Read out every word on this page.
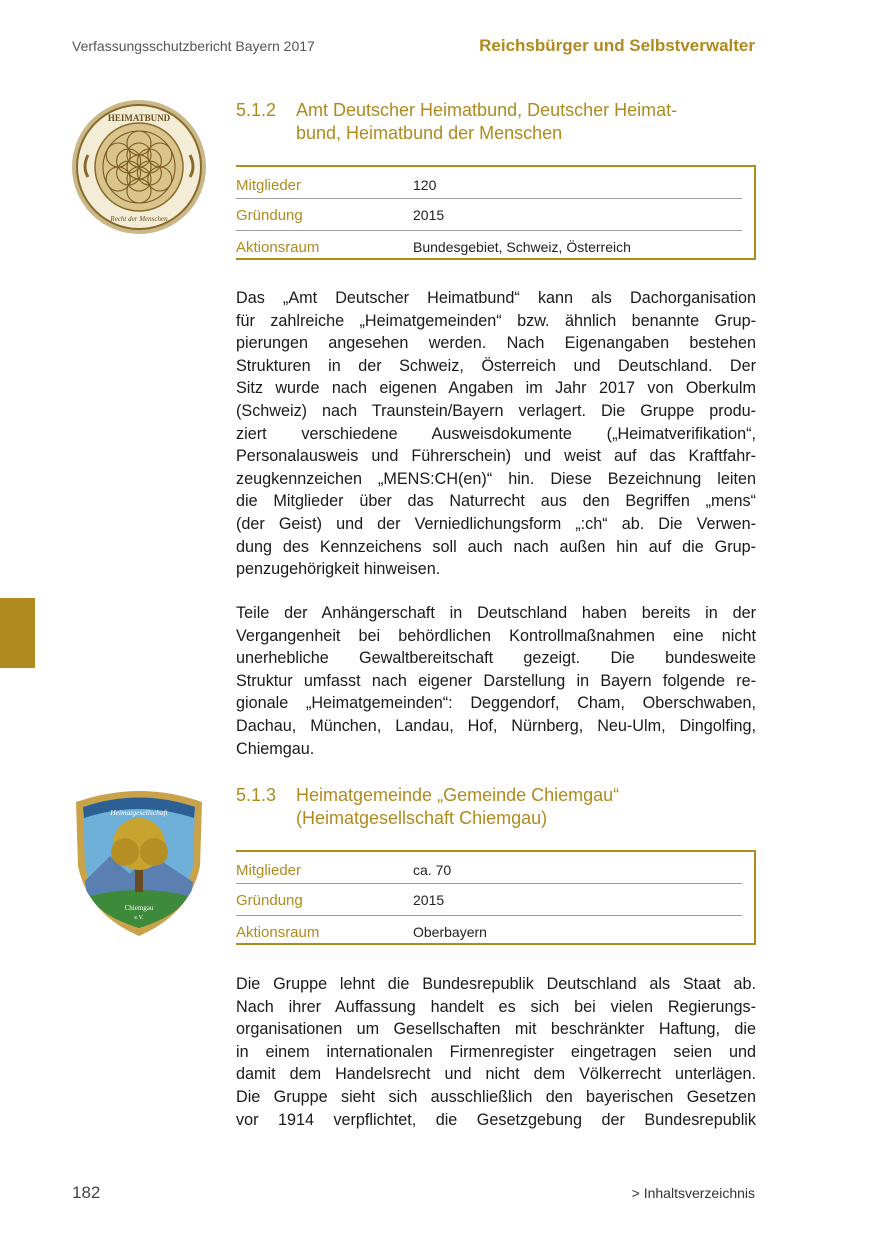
Verfassungsschutzbericht Bayern 2017	Reichsbürger und Selbstverwalter
HEIMATBUND
Recht der Menschen
5.1.2 Amt Deutscher Heimatbund, Deutscher Heimat-
bund, Heimatbund der Menschen
Mitglieder	120
Gründung	2015
Aktionsraum	Bundesgebiet, Schweiz, Österreich
Das „Amt Deutscher Heimatbund“ kann als Dachorganisation
für zahlreiche „Heimatgemeinden“ bzw. ähnlich benannte Grup-
pierungen angesehen werden. Nach Eigenangaben bestehen
Strukturen in der Schweiz, Österreich und Deutschland. Der
Sitz wurde nach eigenen Angaben im Jahr 2017 von Oberkulm
(Schweiz) nach Traunstein/Bayern verlagert. Die Gruppe produ-
ziert verschiedene Ausweisdokumente („Heimatverifikation“,
Personalausweis und Führerschein) und weist auf das Kraftfahr-
zeugkennzeichen „MENS:CH(en)“ hin. Diese Bezeichnung leiten
die Mitglieder über das Naturrecht aus den Begriffen „mens“
(der Geist) und der Verniedlichungsform „:ch“ ab. Die Verwen-
dung des Kennzeichens soll auch nach außen hin auf die Grup-
penzugehörigkeit hinweisen.
Teile der Anhängerschaft in Deutschland haben bereits in der
Vergangenheit bei behördlichen Kontrollmaßnahmen eine nicht
unerhebliche Gewaltbereitschaft gezeigt. Die bundesweite
Struktur umfasst nach eigener Darstellung in Bayern folgende re-
gionale „Heimatgemeinden“: Deggendorf, Cham, Oberschwaben,
Dachau, München, Landau, Hof, Nürnberg, Neu-Ulm, Dingolfing,
Chiemgau.
Heimatgesellschaft
Chiemgau
e.V.
5.1.3 Heimatgemeinde „Gemeinde Chiemgau“
(Heimatgesellschaft Chiemgau)
Mitglieder	ca. 70
Gründung	2015
Aktionsraum	Oberbayern
Die Gruppe lehnt die Bundesrepublik Deutschland als Staat ab.
Nach ihrer Auffassung handelt es sich bei vielen Regierungs-
organisationen um Gesellschaften mit beschränkter Haftung, die
in einem internationalen Firmenregister eingetragen seien und
damit dem Handelsrecht und nicht dem Völkerrecht unterlägen.
Die Gruppe sieht sich ausschließlich den bayerischen Gesetzen
vor 1914 verpflichtet, die Gesetzgebung der Bundesrepublik
182	> Inhaltsverzeichnis
